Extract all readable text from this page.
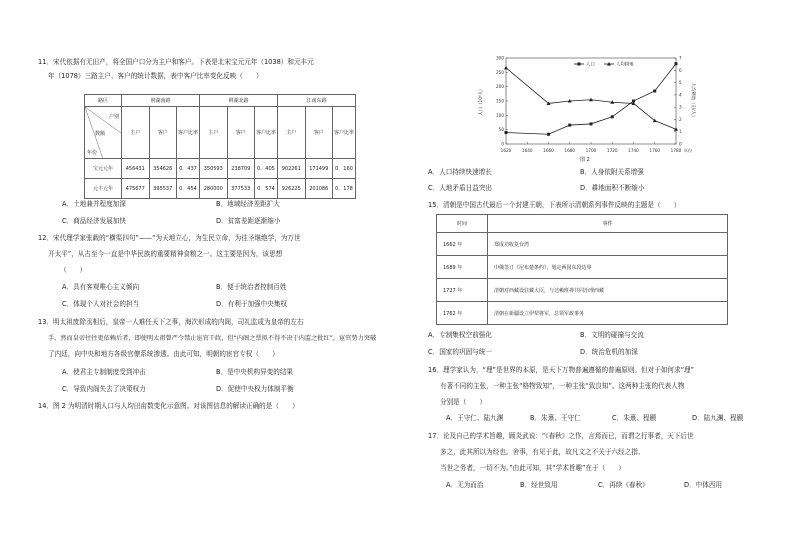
11．宋代依据有无田产，将全国户口分为主户和客户。下表是北宋宝元元年（1038）和元丰元
年（1078）三路主户、客户的统计数据，表中客户比率变化反映（　　）
路区	荆湖南路			荆湖北路			江南东路		

户别
数额
年份	主户	客户	客户比率	主户	客户	客户比率	主户	客户	客户比率
宝元元年	456431	354626	0．437	350593	238709	0．405	902261	171499	0．160
元丰元年	475677	395537	0．454	280000	377533	0．574	926225	201086	0．178
A．土地兼并程度加深	B．地域经济差距扩大
C．商品经济发展加快	D．贫富差距逐渐缩小
12．宋代理学家张载的“横渠四句”——“为天地立心，为生民立命，为往圣继绝学，为万世
开太平”，从古至今一直是中华民族的重要精神食粮之一。这主要是因为，该思想
（　　）
A．具有客观唯心主义倾向	B．便于统治者控制百姓
C．体现个人对社会的担当	D．有利于加强中央集权
13．明太祖废除丞相后，皇帝一人难任天下之事，海次形成的内阁，司礼监成为皇帝的左右
手，然而皇帝往往更依赖后者，即使明太祖曾严令禁止宦官干政，但“内阁之票拟不得不决于内监之批红”，宦官势力突破
了内廷，向中央和地方各级官僚系统渗透。由此可知，明朝的宦官专权（　　）
A．使君主专制制度受到冲击	B．是中央机构异变的结果
C．导致内阁失去了决策权力	D．促使中央权力体制平衡
14．图 2 为明清时期人口与人均田亩数变化示意图。对该图信息的解读正确的是（　　）
1620	1640	1660	1680	1700	1720	1740	1760	1780 年份
0
50
100
150
200
250
300
0
1
2
3
4
5
6
7
人口（10⁶人）	人均耕地（亩/人）
人口	人均耕地
图 2
A．人口持续快速增长	B．人身依附关系增强
C．人地矛盾日益突出	D．耕地面积不断缩小
15．清朝是中国古代最后一个封建王朝，下表所示清朝系列事件反映的主题是（　　）
时间	事件
1662 年	郑成功收复台湾
1689 年	中俄签订《尼布楚条约》，划定两国东段边界
1727 年	清朝对西藏设驻藏大臣，与达赖班禅共同治理西藏
1762 年	清朝在新疆设立伊犁将军，总领军政事务
A．专制集权空前强化	B．文明的碰撞与交流
C．国家的巩固与统一	D．统治危机的加深
16．理学家认为，“理”是世界的本原，是天下万物普遍遵循的普遍原则。但对于如何求“理”
有著不同的主张，一种主张“格物致知”，一种主张“致良知”。这两种主张的代表人物
分别是（　　）
A．王守仁、陆九渊	B．朱熹、王守仁	C．朱熹、程颢	D．陆九渊、程颢
17．论及自己的学术旨趣，顾炎武说：“《春秋》之作，言焉而已，而谓之行事者，天下后世
多之，此其所以为经也。舍事，有见于此，故凡文之不关于六经之指、
当世之务者，一切不为。”由此可知，其“学术旨趣”在于（　　）
A．无为而治	B．经世致用	C．再续《春秋》	D．中体西用
